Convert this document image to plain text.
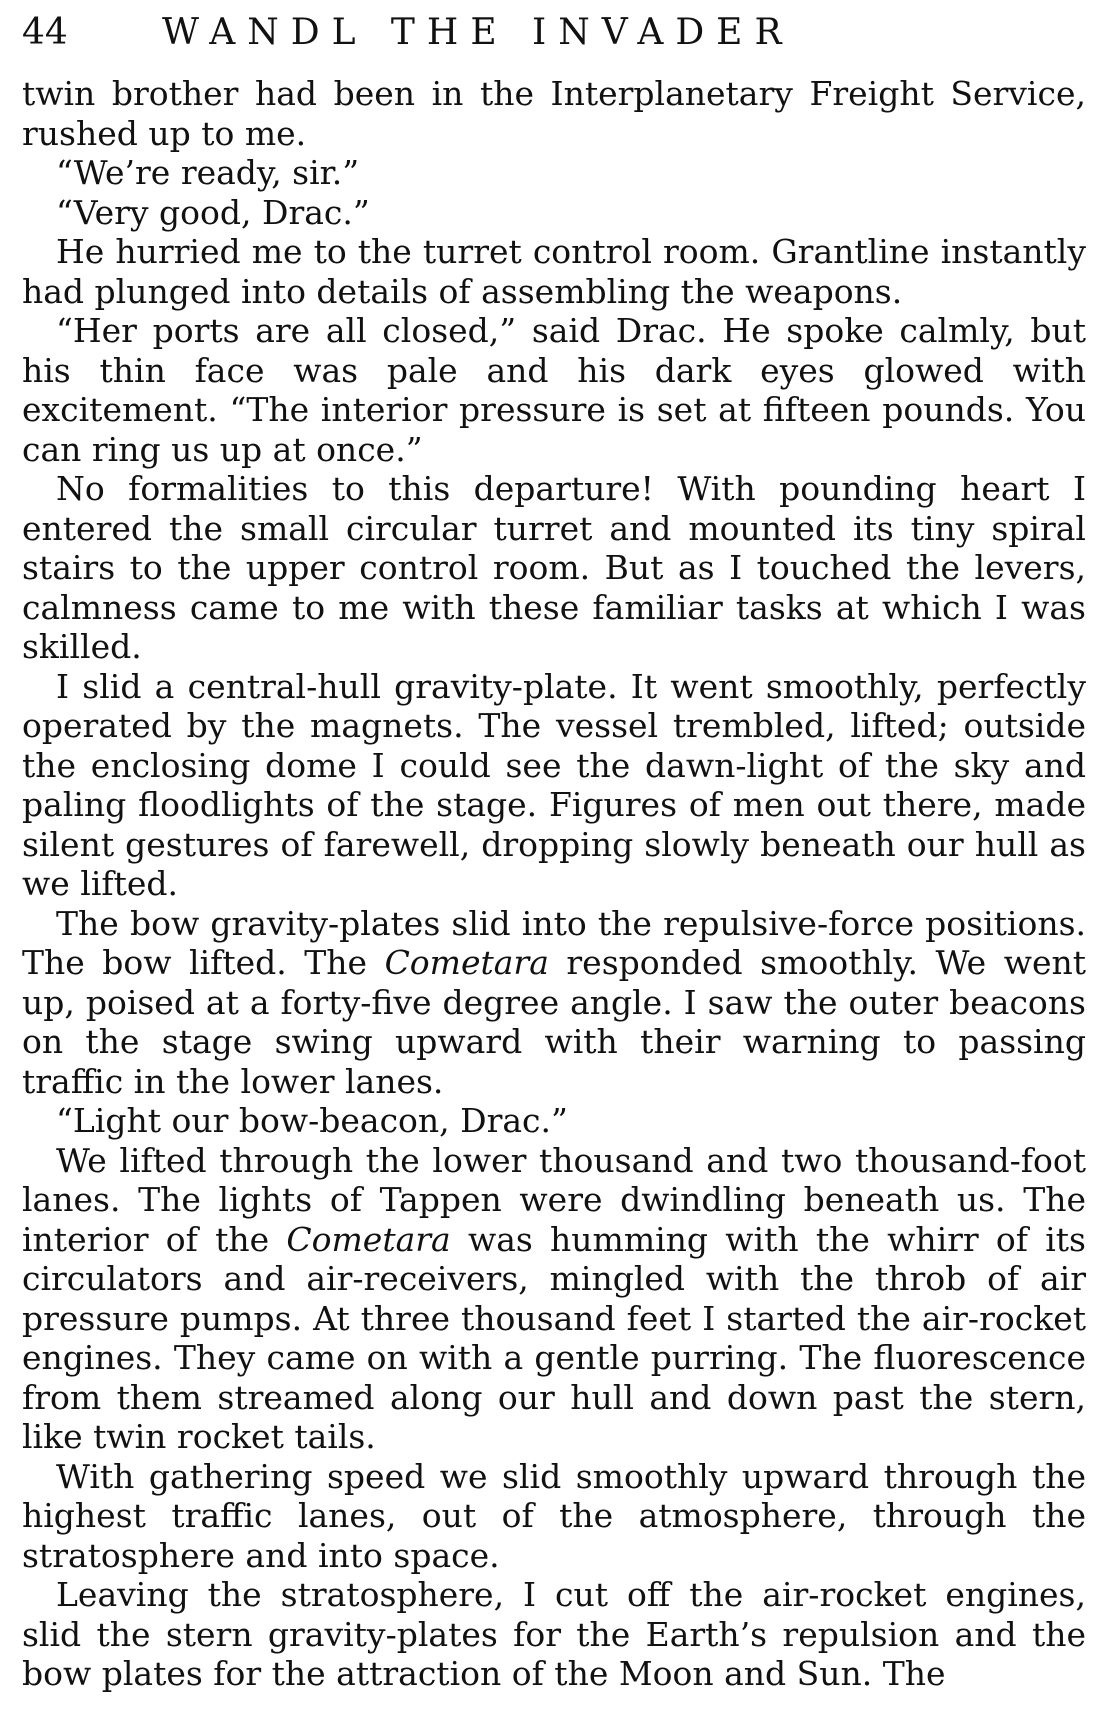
44	WANDL THE INVADER

twin brother had been in the Interplanetary Freight Service, rushed up to me.

“We’re ready, sir.”

“Very good, Drac.”

He hurried me to the turret control room. Grantline instantly had plunged into details of assembling the weapons.

“Her ports are all closed,” said Drac. He spoke calmly, but his thin face was pale and his dark eyes glowed with excitement. “The interior pressure is set at fifteen pounds. You can ring us up at once.”

No formalities to this departure! With pounding heart I entered the small circular turret and mounted its tiny spiral stairs to the upper control room. But as I touched the levers, calmness came to me with these familiar tasks at which I was skilled.

I slid a central-hull gravity-plate. It went smoothly, perfectly operated by the magnets. The vessel trembled, lifted; outside the enclosing dome I could see the dawn-light of the sky and paling floodlights of the stage. Figures of men out there, made silent gestures of farewell, dropping slowly beneath our hull as we lifted.

The bow gravity-plates slid into the repulsive-force positions. The bow lifted. The Cometara responded smoothly. We went up, poised at a forty-five degree angle. I saw the outer beacons on the stage swing upward with their warning to passing traffic in the lower lanes.

“Light our bow-beacon, Drac.”

We lifted through the lower thousand and two thousand-foot lanes. The lights of Tappen were dwindling beneath us. The interior of the Cometara was humming with the whirr of its circulators and air-receivers, mingled with the throb of air pressure pumps. At three thousand feet I started the air-rocket engines. They came on with a gentle purring. The fluorescence from them streamed along our hull and down past the stern, like twin rocket tails.

With gathering speed we slid smoothly upward through the highest traffic lanes, out of the atmosphere, through the stratosphere and into space.

Leaving the stratosphere, I cut off the air-rocket engines, slid the stern gravity-plates for the Earth’s repulsion and the bow plates for the attraction of the Moon and Sun. The
